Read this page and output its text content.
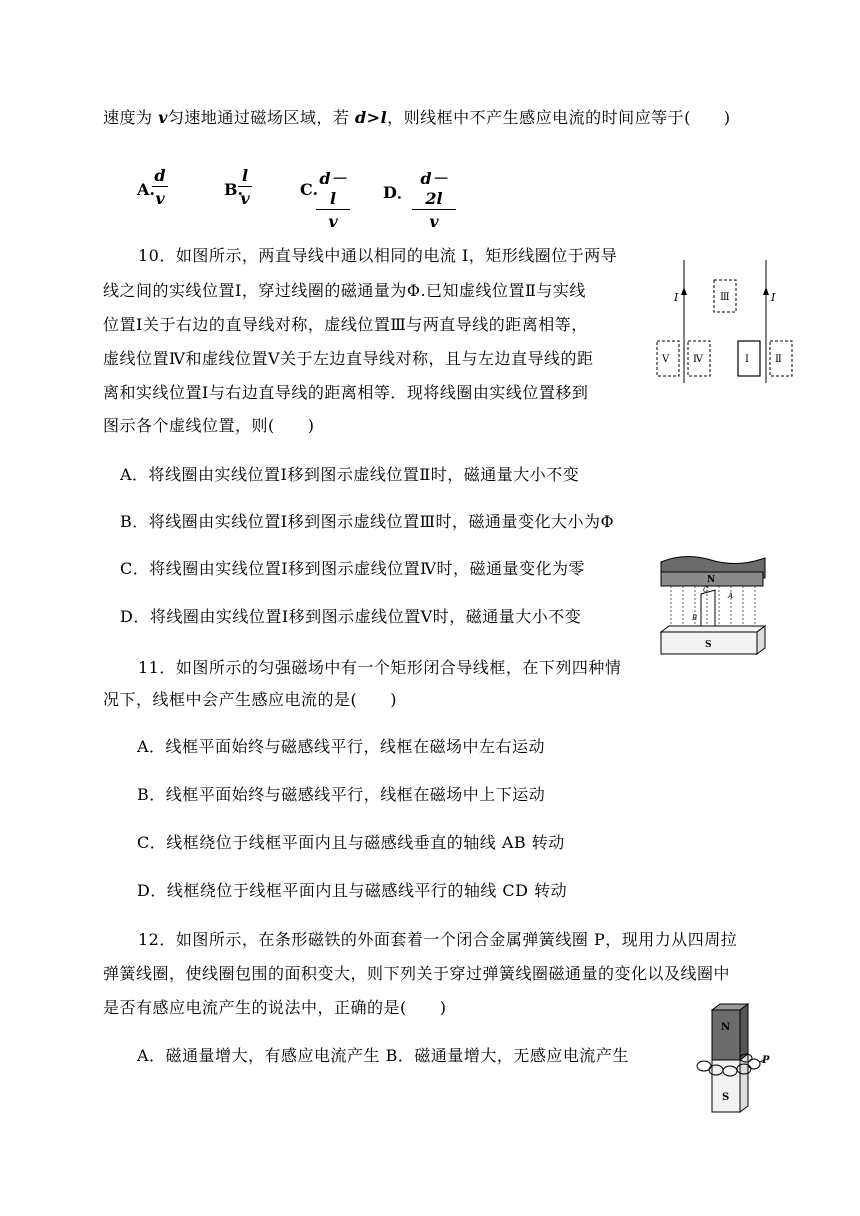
速度为 v匀速地通过磁场区域，若 d>l，则线框中不产生感应电流的时间应等于(　　)
A.
$\frac{d}{v}$	B.
$\frac{l}{v}$	C.
$\frac{d-l}{v}$ D． $\frac{d-2l}{v}$
10．如图所示，两直导线中通以相同的电流 I，矩形线圈位于两导
线之间的实线位置Ⅰ，穿过线圈的磁通量为Φ.已知虚线位置Ⅱ与实线
位置Ⅰ关于右边的直导线对称，虚线位置Ⅲ与两直导线的距离相等，
虚线位置Ⅳ和虚线位置Ⅴ关于左边直导线对称，且与左边直导线的距
离和实线位置Ⅰ与右边直导线的距离相等．现将线圈由实线位置移到
图示各个虚线位置，则(　　)
A．将线圈由实线位置Ⅰ移到图示虚线位置Ⅱ时，磁通量大小不变
B．将线圈由实线位置Ⅰ移到图示虚线位置Ⅲ时，磁通量变化大小为Φ
C．将线圈由实线位置Ⅰ移到图示虚线位置Ⅳ时，磁通量变化为零
D．将线圈由实线位置Ⅰ移到图示虚线位置Ⅴ时，磁通量大小不变
I	I
Ⅲ
Ⅴ Ⅳ	Ⅰ	Ⅱ
N
C
A
B
S
11．如图所示的匀强磁场中有一个矩形闭合导线框，在下列四种情
况下，线框中会产生感应电流的是(　　)
A．线框平面始终与磁感线平行，线框在磁场中左右运动
B．线框平面始终与磁感线平行，线框在磁场中上下运动
C．线框绕位于线框平面内且与磁感线垂直的轴线 AB 转动
D．线框绕位于线框平面内且与磁感线平行的轴线 CD 转动
12．如图所示，在条形磁铁的外面套着一个闭合金属弹簧线圈 P，现用力从四周拉
弹簧线圈，使线圈包围的面积变大，则下列关于穿过弹簧线圈磁通量的变化以及线圈中
是否有感应电流产生的说法中，正确的是(　　)
A．磁通量增大，有感应电流产生 B．磁通量增大，无感应电流产生
N
S
P
